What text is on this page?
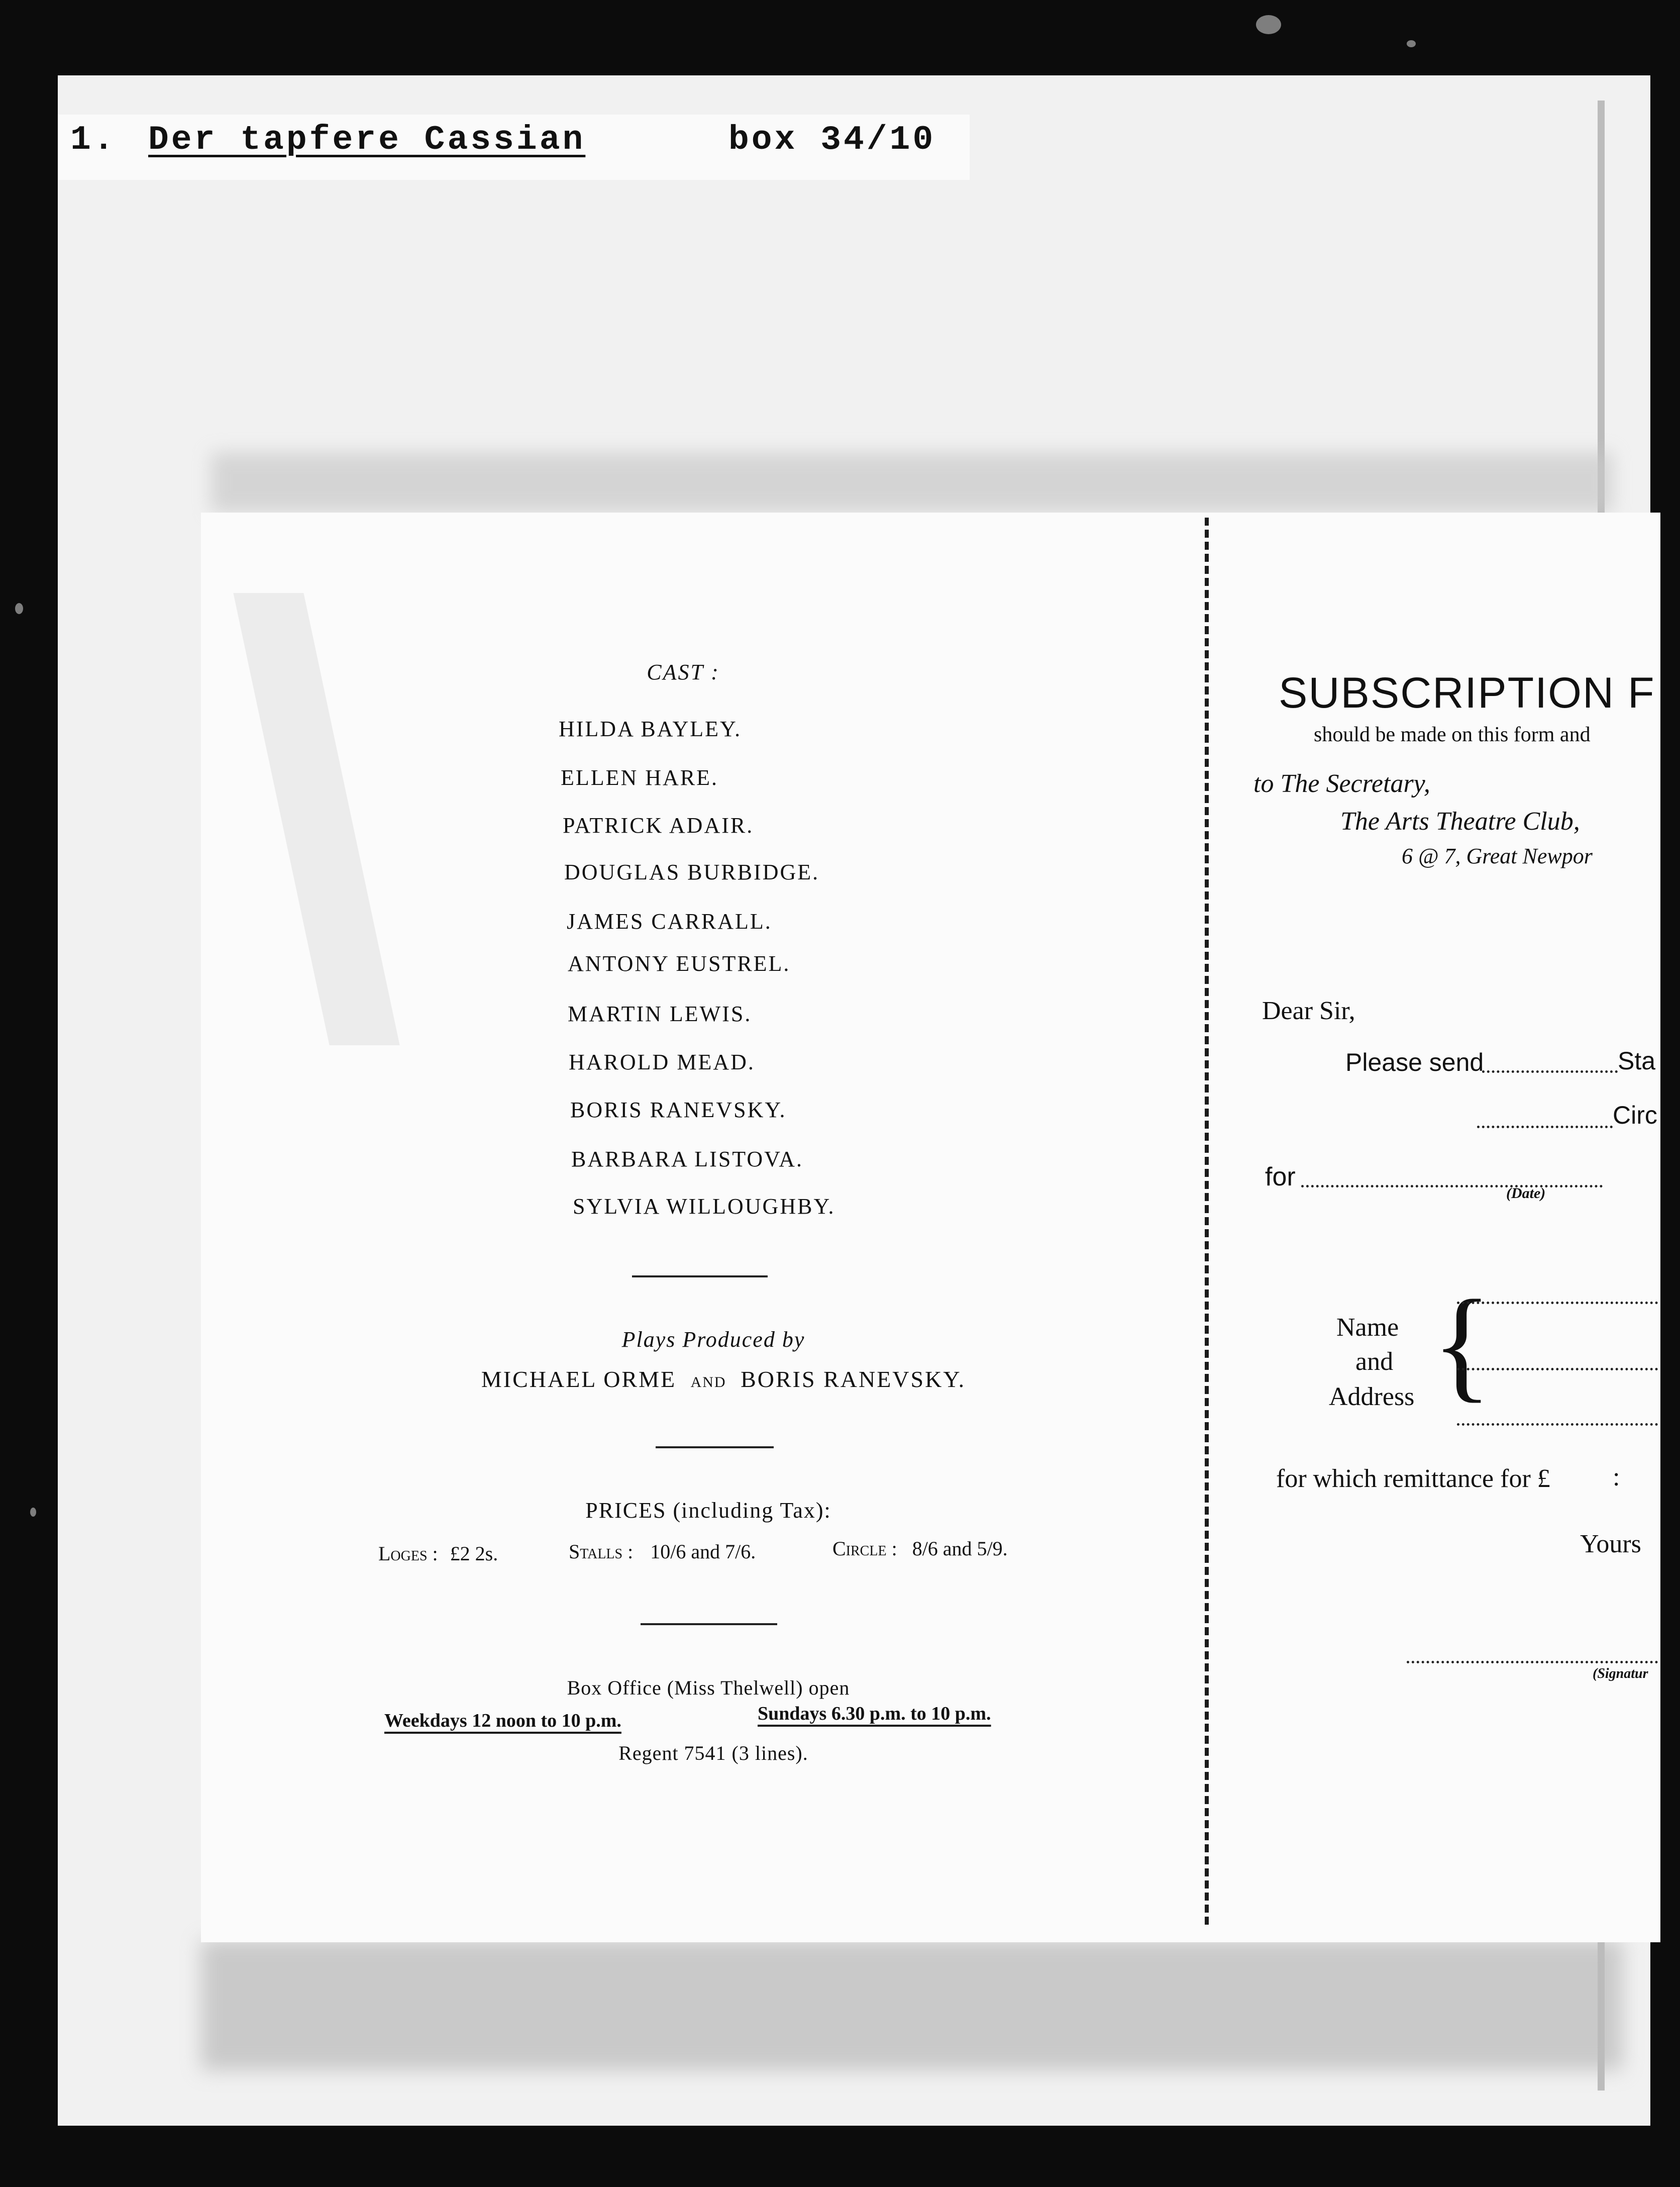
1.

Der tapfere Cassian

	box 34/10

CAST :
HILDA BAYLEY.
ELLEN HARE.
PATRICK ADAIR.
DOUGLAS BURBIDGE.
JAMES CARRALL.
ANTONY EUSTREL.
MARTIN LEWIS.
HAROLD MEAD.
BORIS RANEVSKY.
BARBARA LISTOVA.
SYLVIA WILLOUGHBY.
Plays Produced by
MICHAEL ORME AND BORIS RANEVSKY.
PRICES (including Tax):
Loges : £2 2s.	Stalls : 10/6 and 7/6.	Circle : 8/6 and 5/9.
Box Office (Miss Thelwell) open
Weekdays 12 noon to 10 p.m.	Sundays 6.30 p.m. to 10 p.m.
Regent 7541 (3 lines).
SUBSCRIPTION F
should be made on this form and
to The Secretary,
The Arts Theatre Club,
6 @ 7, Great Newpor
Dear Sir,
Please send	Sta
Circ
for
(Date)
Name
and
Address {
for which remittance for £ :
Yours
(Signatur
